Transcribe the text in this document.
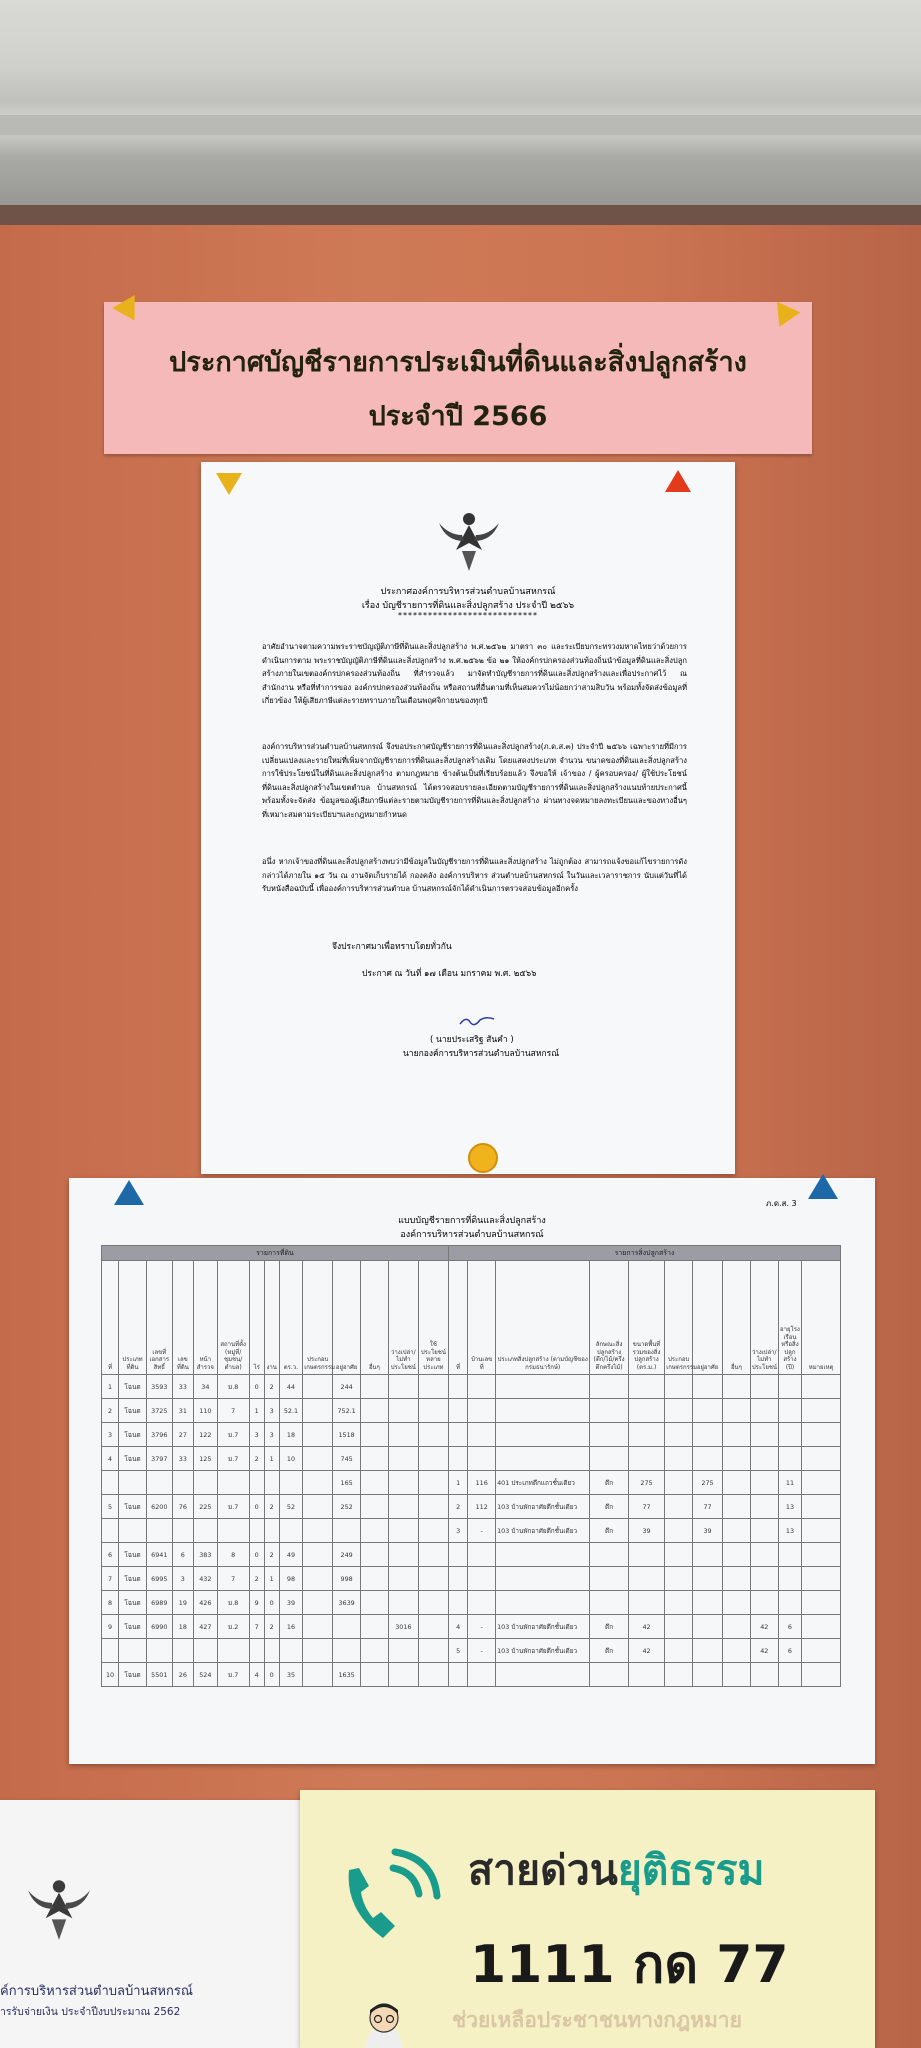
ประกาศบัญชีรายการประเมินที่ดินและสิ่งปลูกสร้าง
ประจำปี 2566
ประกาศองค์การบริหารส่วนตำบลบ้านสหกรณ์
เรื่อง บัญชีรายการที่ดินและสิ่งปลูกสร้าง ประจำปี ๒๕๖๖
****************************
อาศัยอำนาจตามความพระราชบัญญัติภาษีที่ดินและสิ่งปลูกสร้าง พ.ศ.๒๕๖๒ มาตรา ๓๐ และระเบียบกระทรวงมหาดไทยว่าด้วยการดำเนินการตาม พระราชบัญญัติภาษีที่ดินและสิ่งปลูกสร้าง พ.ศ.๒๕๖๒ ข้อ ๒๑ ให้องค์กรปกครองส่วนท้องถิ่นนำข้อมูลที่ดินและสิ่งปลูกสร้างภายในเขตองค์กรปกครองส่วนท้องถิ่น ที่สำรวจแล้ว มาจัดทำบัญชีรายการที่ดินและสิ่งปลูกสร้างและเพื่อประกาศไว้ ณ สำนักงาน หรือที่ทำการของ องค์กรปกครองส่วนท้องถิ่น หรือสถานที่อื่นตามที่เห็นสมควรไม่น้อยกว่าสามสิบวัน พร้อมทั้งจัดส่งข้อมูลที่เกี่ยวข้อง ให้ผู้เสียภาษีแต่ละรายทราบภายในเดือนพฤศจิกายนของทุกปี
องค์การบริหารส่วนตำบลบ้านสหกรณ์ จึงขอประกาศบัญชีรายการที่ดินและสิ่งปลูกสร้าง(ภ.ด.ส.๓) ประจำปี ๒๕๖๖ เฉพาะรายที่มีการเปลี่ยนแปลงและรายใหม่ที่เพิ่มจากบัญชีรายการที่ดินและสิ่งปลูกสร้างเดิม โดยแสดงประเภท จำนวน ขนาดของที่ดินและสิ่งปลูกสร้าง การใช้ประโยชน์ในที่ดินและสิ่งปลูกสร้าง ตามกฎหมาย ข้างต้นเป็นที่เรียบร้อยแล้ว จึงขอให้ เจ้าของ / ผู้ครอบครอง/ ผู้ใช้ประโยชน์ ที่ดินและสิ่งปลูกสร้างในเขตตำบล บ้านสหกรณ์ ได้ตรวจสอบรายละเอียดตามบัญชีรายการที่ดินและสิ่งปลูกสร้างแนบท้ายประกาศนี้ พร้อมทั้งจะจัดส่ง ข้อมูลของผู้เสียภาษีแต่ละรายตามบัญชีรายการที่ดินและสิ่งปลูกสร้าง ผ่านทางจดหมายลงทะเบียนและของทางอื่นๆ ที่เหมาะสมตามระเบียบฯและกฎหมายกำหนด
อนึ่ง หากเจ้าของที่ดินและสิ่งปลูกสร้างพบว่ามีข้อมูลในบัญชีรายการที่ดินและสิ่งปลูกสร้าง ไม่ถูกต้อง สามารถแจ้งขอแก้ไขรายการดังกล่าวได้ภายใน ๑๕ วัน ณ งานจัดเก็บรายได้ กองคลัง องค์การบริหาร ส่วนตำบลบ้านสหกรณ์ ในวันและเวลาราชการ นับแต่วันที่ได้รับหนังสือฉบับนี้ เพื่อองค์การบริหารส่วนตำบล บ้านสหกรณ์จักได้ดำเนินการตรวจสอบข้อมูลอีกครั้ง
จึงประกาศมาเพื่อทราบโดยทั่วกัน
ประกาศ ณ วันที่ ๑๗ เดือน มกราคม พ.ศ. ๒๕๖๖
( นายประเสริฐ สันคำ )
นายกองค์การบริหารส่วนตำบลบ้านสหกรณ์
ภ.ด.ส. 3
แบบบัญชีรายการที่ดินและสิ่งปลูกสร้าง
องค์การบริหารส่วนตำบลบ้านสหกรณ์
รายการที่ดิน														รายการสิ่งปลูกสร้าง										
ที่	ประเภทที่ดิน	เลขที่เอกสารสิทธิ์	เลขที่ดิน	หน้าสำรวจ	สถานที่ตั้ง (หมู่ที่/ชุมชน/ตำบล)	ไร่	งาน	ตร.ว.	ประกอบเกษตรกรรม	อยู่อาศัย	อื่นๆ	ว่างเปล่า/ไม่ทำประโยชน์	ใช้ประโยชน์หลายประเภท	ที่	บ้านเลขที่	ประเภทสิ่งปลูกสร้าง (ตามบัญชีของกรมธนารักษ์)	ลักษณะสิ่งปลูกสร้าง (ตึก/ไม้/ครึ่งตึกครึ่งไม้)	ขนาดพื้นที่รวมของสิ่งปลูกสร้าง (ตร.ม.)	ประกอบเกษตรกรรม	อยู่อาศัย	อื่นๆ	ว่างเปล่า/ไม่ทำประโยชน์	อายุโรงเรือนหรือสิ่งปลูกสร้าง (ปี)	หมายเหตุ
1	โฉนด	3593	33	34	ม.8	0	2	44		244														
2	โฉนด	3725	31	110	7	1	3	52.1		752.1														
3	โฉนด	3796	27	122	ม.7	3	3	18		1518														
4	โฉนด	3797	33	125	ม.7	2	1	10		745														
										165				1	116	401 ประเภทตึกแถวชั้นเดียว	ตึก	275		275			11	
5	โฉนด	6200	76	225	ม.7	0	2	52		252				2	112	103 บ้านพักอาศัยตึกชั้นเดียว	ตึก	77		77			13	
														3	-	103 บ้านพักอาศัยตึกชั้นเดียว	ตึก	39		39			13	
6	โฉนด	6941	6	383	8	0	2	49		249														
7	โฉนด	6995	3	432	7	2	1	98		998														
8	โฉนด	6989	19	426	ม.8	9	0	39		3639														
9	โฉนด	6990	18	427	ม.2	7	2	16				3016		4	-	103 บ้านพักอาศัยตึกชั้นเดียว	ตึก	42				42	6	
														5	-	103 บ้านพักอาศัยตึกชั้นเดียว	ตึก	42				42	6	
10	โฉนด	5501	26	524	ม.7	4	0	35		1635														
ค์การบริหารส่วนตำบลบ้านสหกรณ์
ารรับจ่ายเงิน ประจำปีงบประมาณ 2562
สายด่วนยุติธรรม
1111 กด 77
ช่วยเหลือประชาชนทางกฎหมาย
